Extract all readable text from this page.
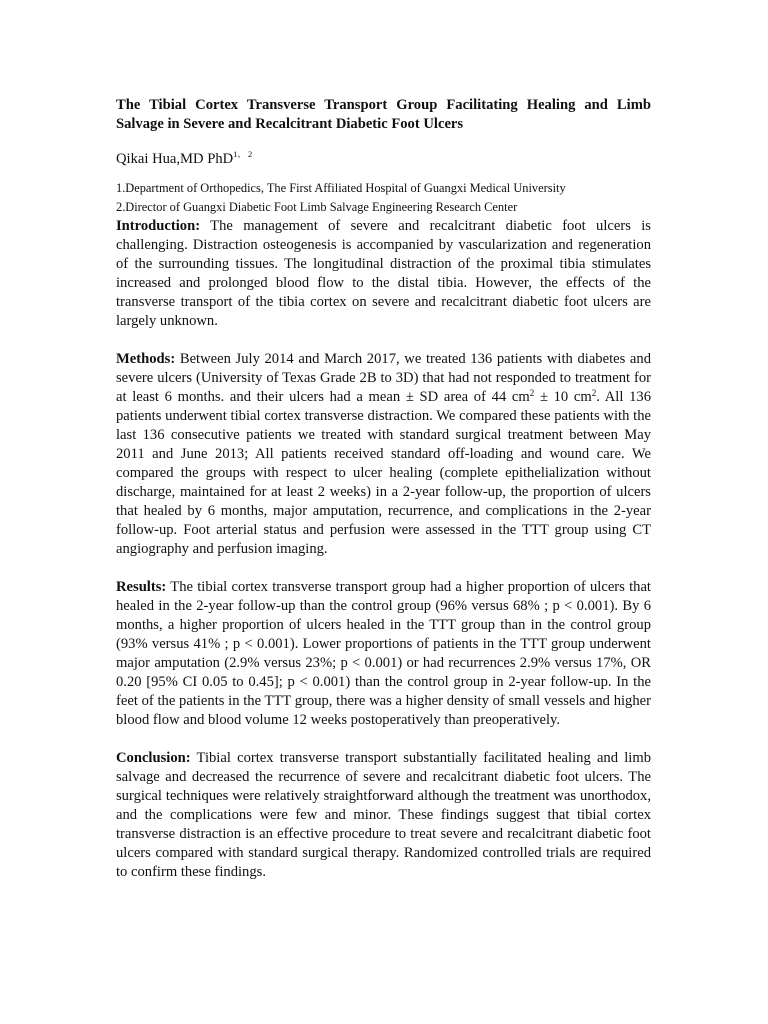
The Tibial Cortex Transverse Transport Group Facilitating Healing and Limb Salvage in Severe and Recalcitrant Diabetic Foot Ulcers

Qikai Hua,MD PhD$^{1、 2}$
1.Department of Orthopedics, The First Affiliated Hospital of Guangxi Medical University
2.Director of Guangxi Diabetic Foot Limb Salvage Engineering Research Center

Introduction: The management of severe and recalcitrant diabetic foot ulcers is challenging. Distraction osteogenesis is accompanied by vascularization and regeneration of the surrounding tissues. The longitudinal distraction of the proximal tibia stimulates increased and prolonged blood flow to the distal tibia. However, the effects of the transverse transport of the tibia cortex on severe and recalcitrant diabetic foot ulcers are largely unknown.

Methods: Between July 2014 and March 2017, we treated 136 patients with diabetes and severe ulcers (University of Texas Grade 2B to 3D) that had not responded to treatment for at least 6 months. and their ulcers had a mean ± SD area of 44 $cm^2 \pm 10$ $cm^2$. All 136 patients underwent tibial cortex transverse distraction. We compared these patients with the last 136 consecutive patients we treated with standard surgical treatment between May 2011 and June 2013; All patients received standard off-loading and wound care. We compared the groups with respect to ulcer healing (complete epithelialization without discharge, maintained for at least 2 weeks) in a 2-year follow-up, the proportion of ulcers that healed by 6 months, major amputation, recurrence, and complications in the 2-year follow-up. Foot arterial status and perfusion were assessed in the TTT group using CT angiography and perfusion imaging.

Results: The tibial cortex transverse transport group had a higher proportion of ulcers that healed in the 2-year follow-up than the control group (96% versus 68% ; p < 0.001). By 6 months, a higher proportion of ulcers healed in the TTT group than in the control group (93% versus 41% ; p < 0.001). Lower proportions of patients in the TTT group underwent major amputation (2.9% versus 23%; p < 0.001) or had recurrences 2.9% versus 17%, OR 0.20 [95% CI 0.05 to 0.45]; p < 0.001) than the control group in 2-year follow-up. In the feet of the patients in the TTT group, there was a higher density of small vessels and higher blood flow and blood volume 12 weeks postoperatively than preoperatively.

Conclusion: Tibial cortex transverse transport substantially facilitated healing and limb salvage and decreased the recurrence of severe and recalcitrant diabetic foot ulcers. The surgical techniques were relatively straightforward although the treatment was unorthodox, and the complications were few and minor. These findings suggest that tibial cortex transverse distraction is an effective procedure to treat severe and recalcitrant diabetic foot ulcers compared with standard surgical therapy. Randomized controlled trials are required to confirm these findings.
